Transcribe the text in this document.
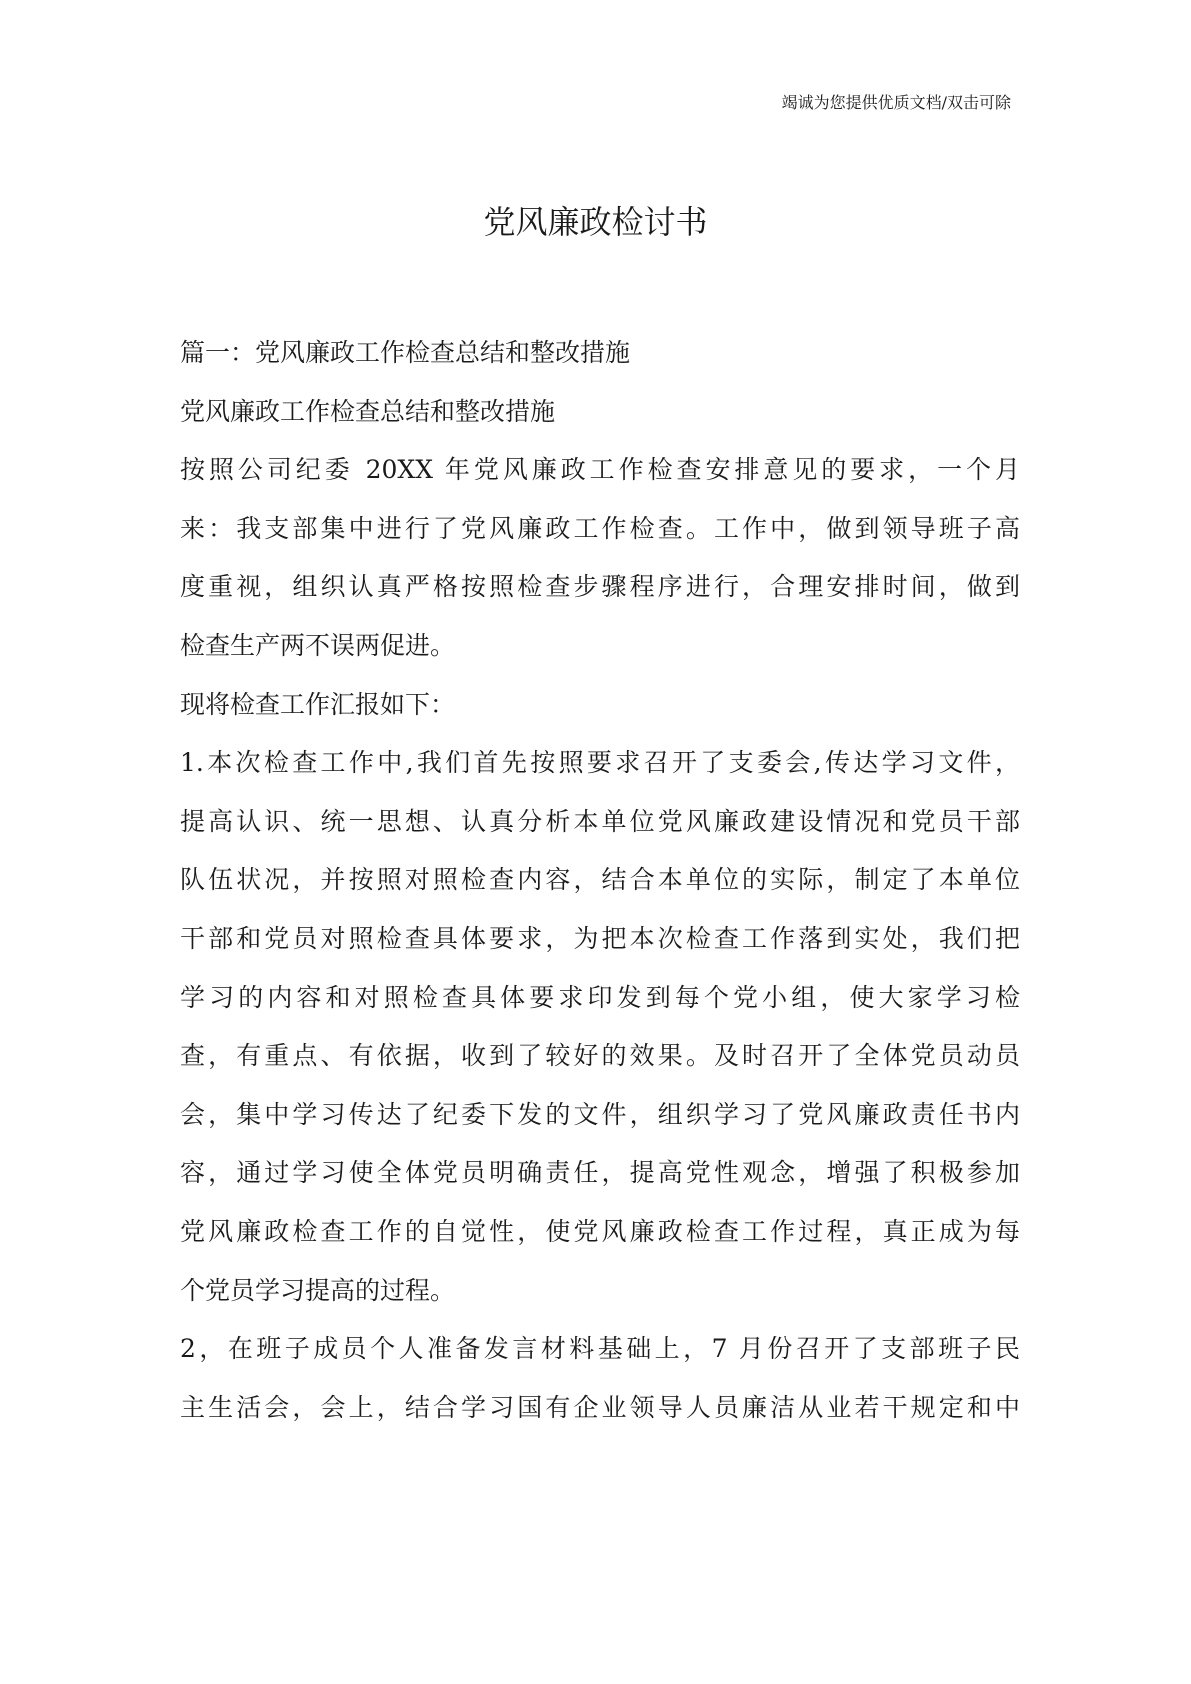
竭诚为您提供优质文档/双击可除
党风廉政检讨书
篇一：党风廉政工作检查总结和整改措施
党风廉政工作检查总结和整改措施
按照公司纪委 20XX 年党风廉政工作检查安排意见的要求，一个月
来：我支部集中进行了党风廉政工作检查。工作中，做到领导班子高
度重视，组织认真严格按照检查步骤程序进行，合理安排时间，做到
检查生产两不误两促进。
现将检查工作汇报如下：
1.本次检查工作中,我们首先按照要求召开了支委会,传达学习文件，
提高认识、统一思想、认真分析本单位党风廉政建设情况和党员干部
队伍状况，并按照对照检查内容，结合本单位的实际，制定了本单位
干部和党员对照检查具体要求，为把本次检查工作落到实处，我们把
学习的内容和对照检查具体要求印发到每个党小组，使大家学习检
查，有重点、有依据，收到了较好的效果。及时召开了全体党员动员
会，集中学习传达了纪委下发的文件，组织学习了党风廉政责任书内
容，通过学习使全体党员明确责任，提高党性观念，增强了积极参加
党风廉政检查工作的自觉性，使党风廉政检查工作过程，真正成为每
个党员学习提高的过程。
2，在班子成员个人准备发言材料基础上，7 月份召开了支部班子民
主生活会，会上，结合学习国有企业领导人员廉洁从业若干规定和中
